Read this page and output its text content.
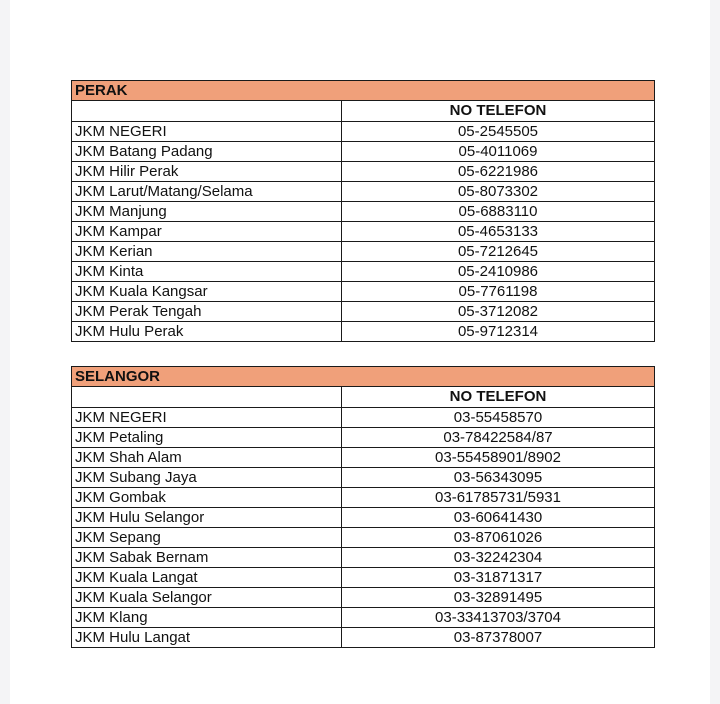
PERAK
	NO TELEFON
JKM NEGERI	05-2545505
JKM Batang Padang	05-4011069
JKM Hilir Perak	05-6221986
JKM Larut/Matang/Selama	05-8073302
JKM Manjung	05-6883110
JKM Kampar	05-4653133
JKM Kerian	05-7212645
JKM Kinta	05-2410986
JKM Kuala Kangsar	05-7761198
JKM Perak Tengah	05-3712082
JKM Hulu Perak	05-9712314
SELANGOR
	NO TELEFON
JKM NEGERI	03-55458570
JKM Petaling	03-78422584/87
JKM Shah Alam	03-55458901/8902
JKM Subang Jaya	03-56343095
JKM Gombak	03-61785731/5931
JKM Hulu Selangor	03-60641430
JKM Sepang	03-87061026
JKM Sabak Bernam	03-32242304
JKM Kuala Langat	03-31871317
JKM Kuala Selangor	03-32891495
JKM Klang	03-33413703/3704
JKM Hulu Langat	03-87378007
